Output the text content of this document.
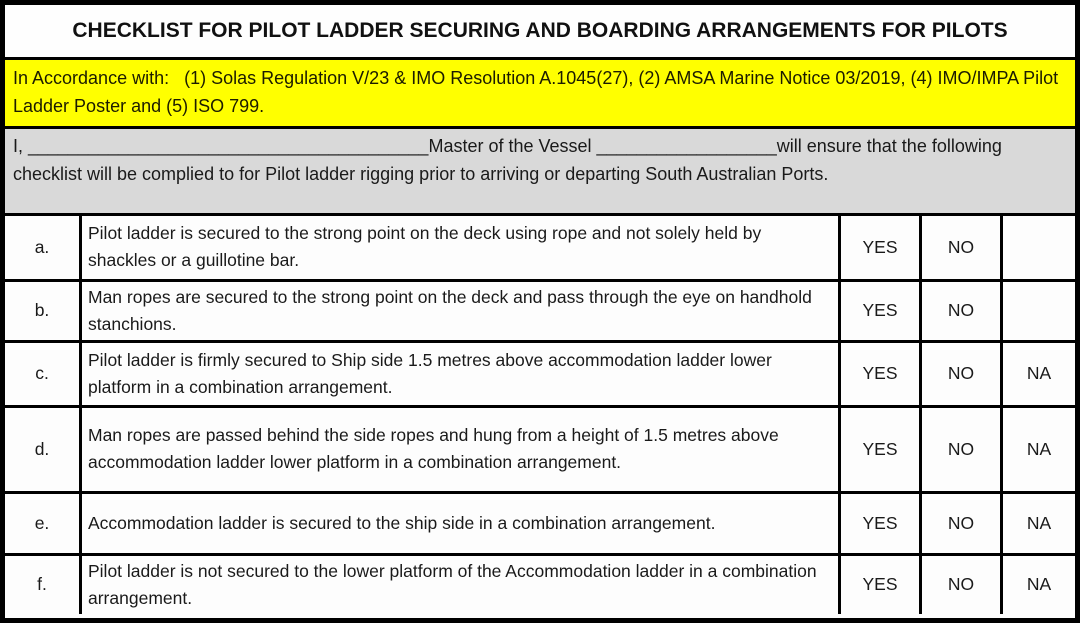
CHECKLIST FOR PILOT LADDER SECURING AND BOARDING ARRANGEMENTS FOR PILOTS
In Accordance with:   (1) Solas Regulation V/23 & IMO Resolution A.1045(27), (2) AMSA Marine Notice 03/2019, (4) IMO/IMPA Pilot Ladder Poster and (5) ISO 799.
I, ________________________________________Master of the Vessel __________________will ensure that the following checklist will be complied to for Pilot ladder rigging prior to arriving or departing South Australian Ports.
a.	Pilot ladder is secured to the strong point on the deck using rope and not solely held by shackles or a guillotine bar.	YES	NO	
b.	Man ropes are secured to the strong point on the deck and pass through the eye on handhold stanchions.	YES	NO	
c.	Pilot ladder is firmly secured to Ship side 1.5 metres above accommodation ladder lower platform in a combination arrangement.	YES	NO	NA
d.	Man ropes are passed behind the side ropes and hung from a height of 1.5 metres above accommodation ladder lower platform in a combination arrangement.	YES	NO	NA
e.	Accommodation ladder is secured to the ship side in a combination arrangement.	YES	NO	NA
f.	Pilot ladder is not secured to the lower platform of the Accommodation ladder in a combination arrangement.	YES	NO	NA
